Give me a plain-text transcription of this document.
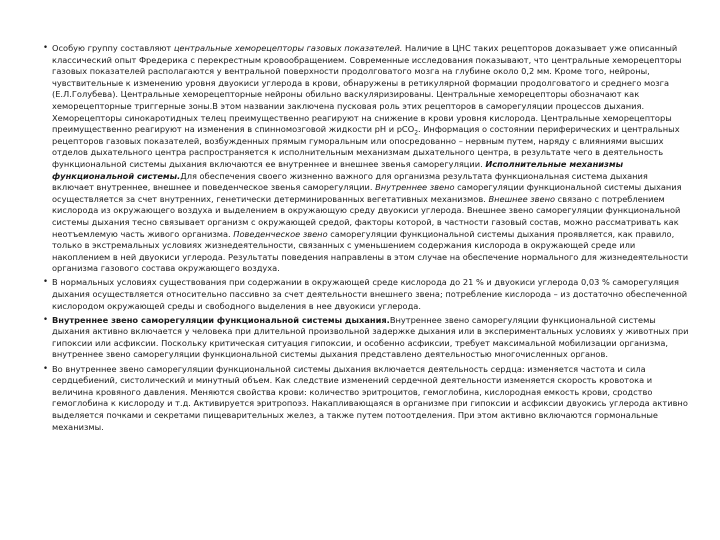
• Особую группу составляют центральные хеморецепторы газовых показателей. Наличие в ЦНС таких рецепторов доказывает уже описанный классический опыт Фредерика с перекрестным кровообращением. Современные исследования показывают, что центральные хеморецепторы газовых показателей располагаются у вентральной поверхности продолговатого мозга на глубине около 0,2 мм. Кроме того, нейроны, чувствительные к изменению уровня двуокиси углерода в крови, обнаружены в ретикулярной формации продолговатого и среднего мозга (Е.Л.Голубева). Центральные хеморецепторные нейроны обильно васкуляризированы. Центральные хеморецепторы обозначают как хеморецепторные триггерные зоны.В этом названии заключена пусковая роль этих рецепторов в саморегуляции процессов дыхания. Хеморецепторы синокаротидных телец преимущественно реагируют на снижение в крови уровня кислорода. Центральные хеморецепторы преимущественно реагируют на изменения в спинномозговой жидкости рН и рСО$_2$. Информация о состоянии периферических и центральных рецепторов газовых показателей, возбужденных прямым гуморальным или опосредованно – нервным путем, наряду с влияниями высших отделов дыхательного центра распространяется к исполнительным механизмам дыхательного центра, в результате чего в деятельность функциональной системы дыхания включаются ее внутреннее и внешнее звенья саморегуляции. Исполнительные механизмы функциональной системы.Для обеспечения своего жизненно важного для организма результата функциональная система дыхания включает внутреннее, внешнее и поведенческое звенья саморегуляции. Внутреннее звено саморегуляции функциональной системы дыхания осуществляется за счет внутренних, генетически детерминированных вегетативных механизмов. Внешнее звено связано с потреблением кислорода из окружающего воздуха и выделением в окружающую среду двуокиси углерода. Внешнее звено саморегуляции функциональной системы дыхания тесно связывает организм с окружающей средой, факторы которой, в частности газовый состав, можно рассматривать как неотъемлемую часть живого организма. Поведенческое звено саморегуляции функциональной системы дыхания проявляется, как правило, только в экстремальных условиях жизнедеятельности, связанных с уменьшением содержания кислорода в окружающей среде или накоплением в ней двуокиси углерода. Результаты поведения направлены в этом случае на обеспечение нормального для жизнедеятельности организма газового состава окружающего воздуха.
• В нормальных условиях существования при содержании в окружающей среде кислорода до 21 % и двуокиси углерода 0,03 % саморегуляция дыхания осуществляется относительно пассивно за счет деятельности внешнего звена; потребление кислорода – из достаточно обеспеченной кислородом окружающей среды и свободного выделения в нее двуокиси углерода.
• Внутреннее звено саморегуляции функциональной системы дыхания.Внутреннее звено саморегуляции функциональной системы дыхания активно включается у человека при длительной произвольной задержке дыхания или в экспериментальных условиях у животных при гипоксии или асфиксии. Поскольку критическая ситуация гипоксии, и особенно асфиксии, требует максимальной мобилизации организма, внутреннее звено саморегуляции функциональной системы дыхания представлено деятельностью многочисленных органов.
• Во внутреннее звено саморегуляции функциональной системы дыхания включается деятельность сердца: изменяется частота и сила сердцебиений, систолический и минутный объем. Как следствие изменений сердечной деятельности изменяется скорость кровотока и величина кровяного давления. Меняются свойства крови: количество эритроцитов, гемоглобина, кислородная емкость крови, сродство гемоглобина к кислороду и т.д. Активируется эритропоэз. Накапливающаяся в организме при гипоксии и асфиксии двуокись углерода активно выделяется почками и секретами пищеварительных желез, а также путем потоотделения. При этом активно включаются гормональные механизмы.
